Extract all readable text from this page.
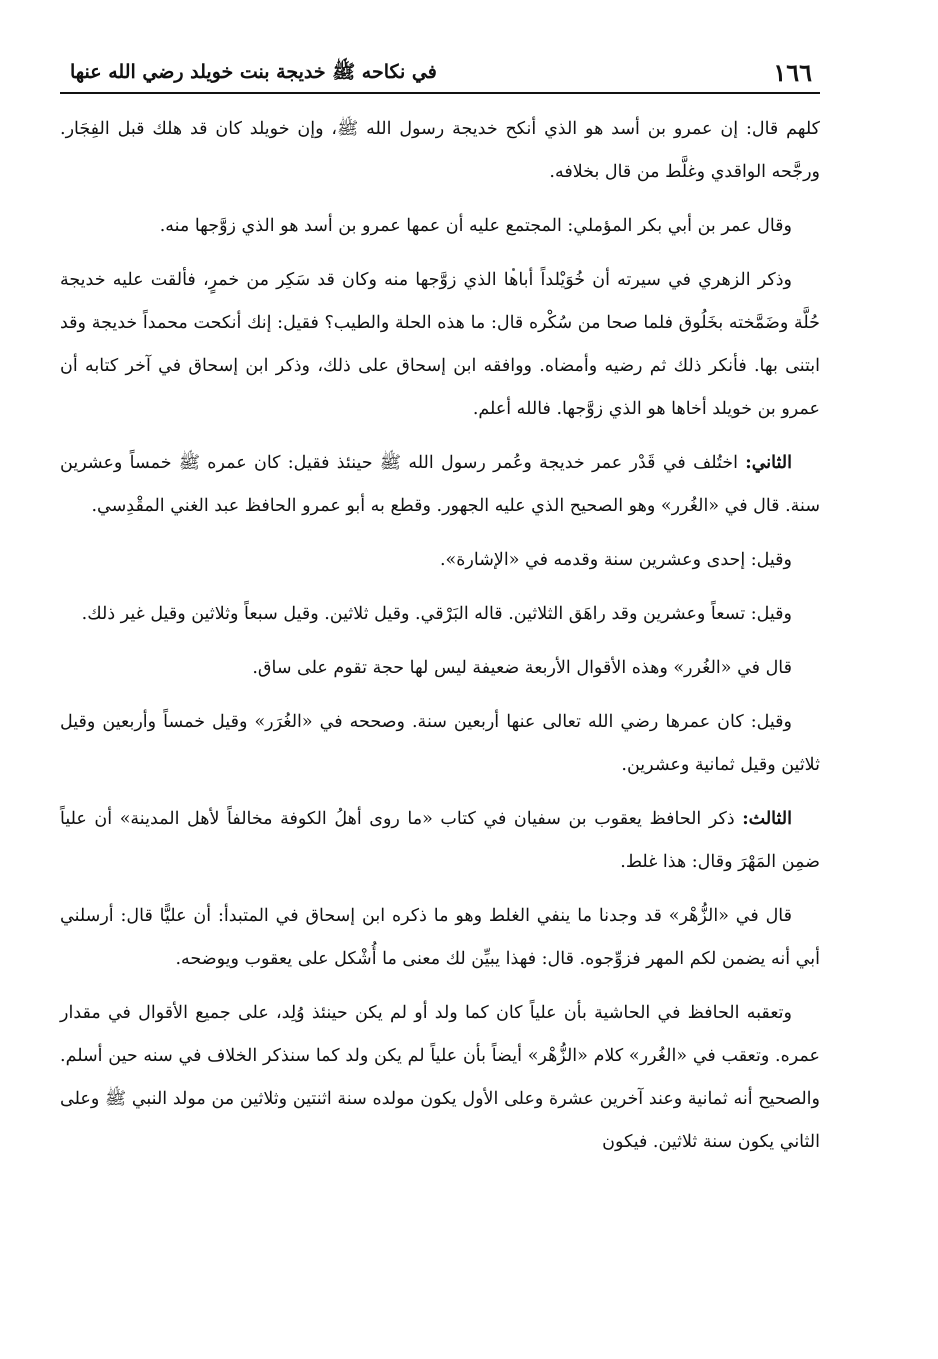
١٦٦
في نكاحه ﷺ خديجة بنت خويلد رضي الله عنها

كلهم قال: إن عمرو بن أسد هو الذي أنكح خديجة رسول الله ﷺ، وإن خويلد كان قد هلك قبل الفِجَار. ورجَّحه الواقدي وغلَّط من قال بخلافه.

وقال عمر بن أبي بكر المؤملي: المجتمع عليه أن عمها عمرو بن أسد هو الذي زوَّجها منه.

وذكر الزهري في سيرته أن خُوَيْلداً أباها الذي زوَّجها منه وكان قد سَكِر من خمرٍ، فألقت عليه خديجة حُلَّة وضَمَّخته بخَلُوق فلما صحا من سُكْره قال: ما هذه الحلة والطيب؟ فقيل: إنك أنكحت محمداً خديجة وقد ابتنى بها. فأنكر ذلك ثم رضيه وأمضاه. ووافقه ابن إسحاق على ذلك، وذكر ابن إسحاق في آخر كتابه أن عمرو بن خويلد أخاها هو الذي زوَّجها. فالله أعلم.

الثاني: اختُلف في قَدْر عمر خديجة وعُمر رسول الله ﷺ حينئذ فقيل: كان عمره ﷺ خمساً وعشرين سنة. قال في «الغُرر» وهو الصحيح الذي عليه الجهور. وقطع به أبو عمرو الحافظ عبد الغني المقْدِسي.

وقيل: إحدى وعشرين سنة وقدمه في «الإشارة».

وقيل: تسعاً وعشرين وقد راهَق الثلاثين. قاله البَرْقي. وقيل ثلاثين. وقيل سبعاً وثلاثين وقيل غير ذلك.

قال في «الغُرر» وهذه الأقوال الأربعة ضعيفة ليس لها حجة تقوم على ساق.

وقيل: كان عمرها رضي الله تعالى عنها أربعين سنة. وصححه في «الغُرَر» وقيل خمساً وأربعين وقيل ثلاثين وقيل ثمانية وعشرين.

الثالث: ذكر الحافظ يعقوب بن سفيان في كتاب «ما روى أهلُ الكوفة مخالفاً لأهل المدينة» أن علياً ضمِن المَهْرَ وقال: هذا غلط.

قال في «الزُّهْر» قد وجدنا ما ينفي الغلط وهو ما ذكره ابن إسحاق في المتبدأ: أن عليًّا قال: أرسلني أبي أنه يضمن لكم المهر فزوِّجوه. قال: فهذا يبيِّن لك معنى ما أُشْكل على يعقوب ويوضحه.

وتعقبه الحافظ في الحاشية بأن علياً كان كما ولد أو لم يكن حينئذ وُلِد، على جميع الأقوال في مقدار عمره. وتعقب في «الغُرر» كلام «الزُّهْر» أيضاً بأن علياً لم يكن ولد كما سنذكر الخلاف في سنه حين أسلم. والصحيح أنه ثمانية وعند آخرين عشرة وعلى الأول يكون مولده سنة اثنتين وثلاثين من مولد النبي ﷺ وعلى الثاني يكون سنة ثلاثين. فيكون
